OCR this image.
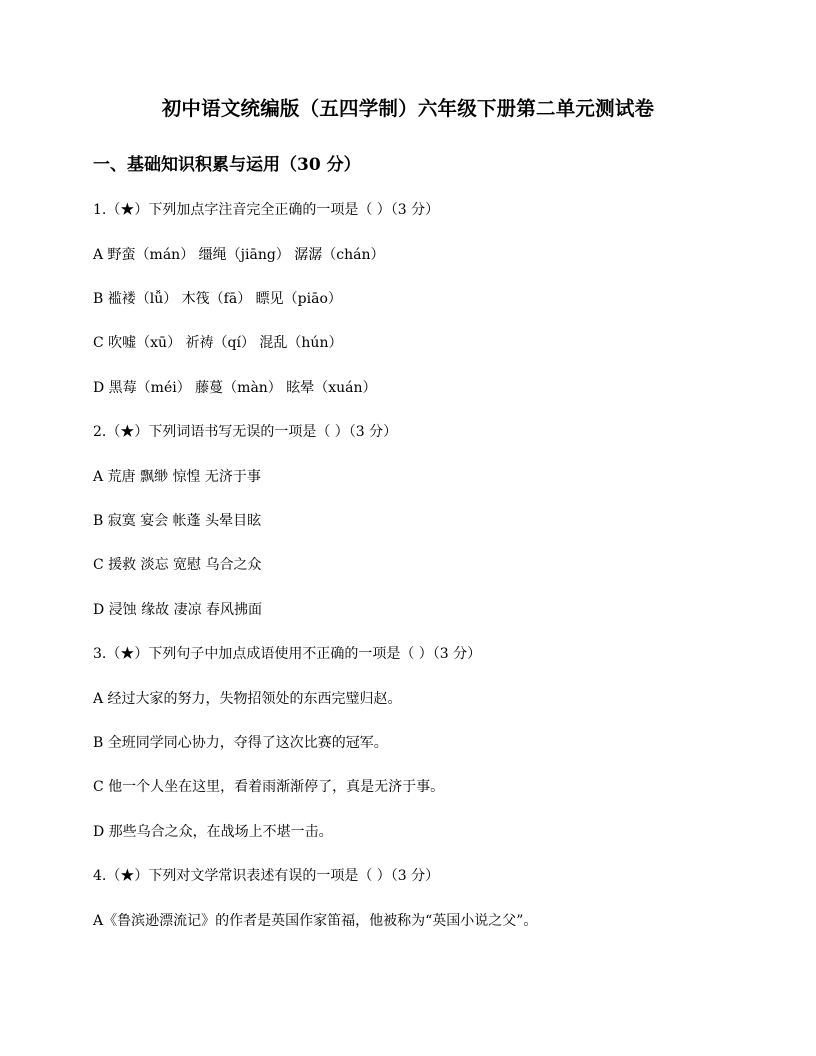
初中语文统编版（五四学制）六年级下册第二单元测试卷
一、基础知识积累与运用（30 分）
1.（★）下列加点字注音完全正确的一项是（ ）（3 分）
A 野蛮（mán） 缰绳（jiāng） 潺潺（chán）
B 褴褛（lǚ） 木筏（fā） 瞟见（piāo）
C 吹嘘（xū） 祈祷（qí） 混乱（hún）
D 黑莓（méi） 藤蔓（màn） 眩晕（xuán）
2.（★）下列词语书写无误的一项是（ ）（3 分）
A 荒唐 飘缈 惊惶 无济于事
B 寂寞 宴会 帐蓬 头晕目眩
C 援救 淡忘 宽慰 乌合之众
D 浸蚀 缘故 凄凉 春风拂面
3.（★）下列句子中加点成语使用不正确的一项是（ ）（3 分）
A 经过大家的努力，失物招领处的东西完璧归赵。
B 全班同学同心协力，夺得了这次比赛的冠军。
C 他一个人坐在这里，看着雨渐渐停了，真是无济于事。
D 那些乌合之众，在战场上不堪一击。
4.（★）下列对文学常识表述有误的一项是（ ）（3 分）
A《鲁滨逊漂流记》的作者是英国作家笛福，他被称为“英国小说之父”。
